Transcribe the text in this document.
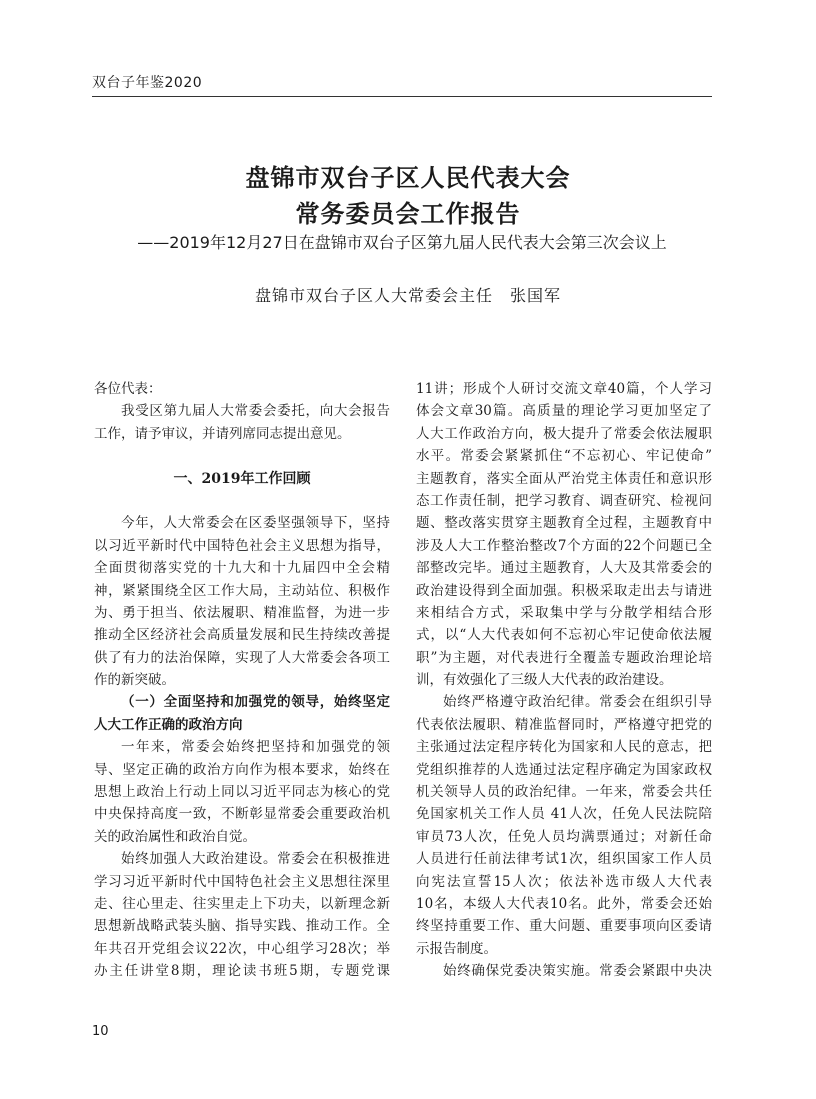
双台子年鉴2020
盘锦市双台子区人民代表大会
常务委员会工作报告
——2019年12月27日在盘锦市双台子区第九届人民代表大会第三次会议上
盘锦市双台子区人大常委会主任　张国军
各位代表：
我受区第九届人大常委会委托，向大会报告
工作，请予审议，并请列席同志提出意见。
一、2019年工作回顾
今年，人大常委会在区委坚强领导下，坚持
以习近平新时代中国特色社会主义思想为指导，
全面贯彻落实党的十九大和十九届四中全会精
神，紧紧围绕全区工作大局，主动站位、积极作
为、勇于担当、依法履职、精准监督，为进一步
推动全区经济社会高质量发展和民生持续改善提
供了有力的法治保障，实现了人大常委会各项工
作的新突破。
（一）全面坚持和加强党的领导，始终坚定
人大工作正确的政治方向
一年来，常委会始终把坚持和加强党的领
导、坚定正确的政治方向作为根本要求，始终在
思想上政治上行动上同以习近平同志为核心的党
中央保持高度一致，不断彰显常委会重要政治机
关的政治属性和政治自觉。
始终加强人大政治建设。常委会在积极推进
学习习近平新时代中国特色社会主义思想往深里
走、往心里走、往实里走上下功夫，以新理念新
思想新战略武装头脑、指导实践、推动工作。全
年共召开党组会议22次，中心组学习28次；举
办主任讲堂8期，理论读书班5期，专题党课
11讲；形成个人研讨交流文章40篇，个人学习
体会文章30篇。高质量的理论学习更加坚定了
人大工作政治方向，极大提升了常委会依法履职
水平。常委会紧紧抓住“不忘初心、牢记使命”
主题教育，落实全面从严治党主体责任和意识形
态工作责任制，把学习教育、调查研究、检视问
题、整改落实贯穿主题教育全过程，主题教育中
涉及人大工作整治整改7个方面的22个问题已全
部整改完毕。通过主题教育，人大及其常委会的
政治建设得到全面加强。积极采取走出去与请进
来相结合方式，采取集中学与分散学相结合形
式，以“人大代表如何不忘初心牢记使命依法履
职”为主题，对代表进行全覆盖专题政治理论培
训，有效强化了三级人大代表的政治建设。
始终严格遵守政治纪律。常委会在组织引导
代表依法履职、精准监督同时，严格遵守把党的
主张通过法定程序转化为国家和人民的意志，把
党组织推荐的人选通过法定程序确定为国家政权
机关领导人员的政治纪律。一年来，常委会共任
免国家机关工作人员 41人次，任免人民法院陪
审员73人次，任免人员均满票通过；对新任命
人员进行任前法律考试1次，组织国家工作人员
向宪法宣誓15人次；依法补选市级人大代表
10名，本级人大代表10名。此外，常委会还始
终坚持重要工作、重大问题、重要事项向区委请
示报告制度。
始终确保党委决策实施。常委会紧跟中央决
10
